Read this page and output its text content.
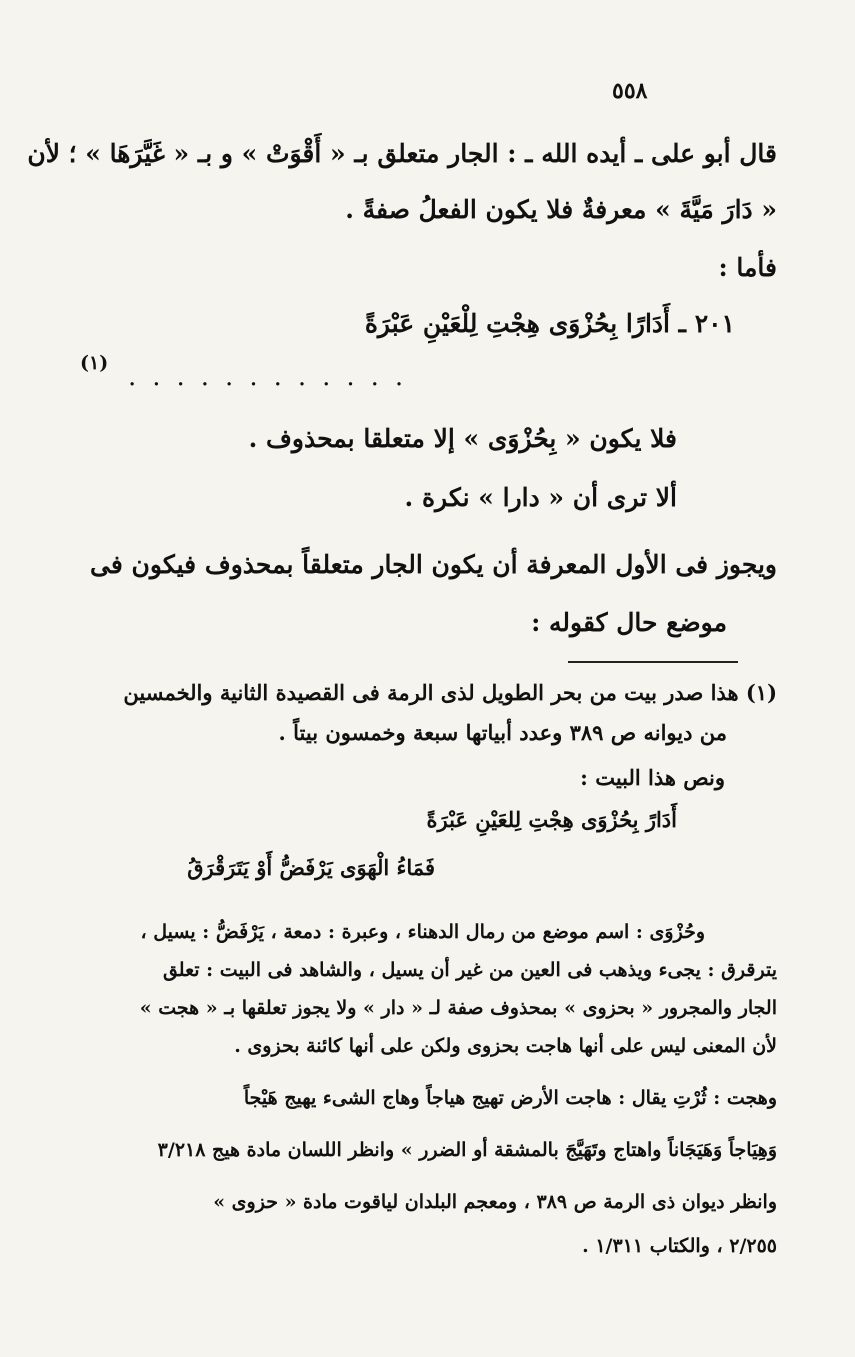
٥٥٨
قال أبو على ـ أيده الله ـ : الجار متعلق بـ « أَقْوَتْ » و بـ « غَيَّرَهَا » ؛ لأن
« دَارَ مَيَّةَ » معرفةٌ فلا يكون الفعلُ صفةً .
فأما :
٢٠١ ـ أَدَارًا بِحُزْوَى هِجْتِ لِلْعَيْنِ عَبْرَةً
............
(١)
فلا يكون « بِحُزْوَى » إلا متعلقا بمحذوف .
ألا ترى أن « دارا » نكرة .
ويجوز فى الأول المعرفة أن يكون الجار متعلقاً بمحذوف فيكون فى
موضع حال كقوله :
(١) هذا صدر بيت من بحر الطويل لذى الرمة فى القصيدة الثانية والخمسين
من ديوانه ص ٣٨٩ وعدد أبياتها سبعة وخمسون بيتاً .
ونص هذا البيت :
أَدَارً بِحُزْوَى هِجْتِ لِلعَيْنِ عَبْرَةً
فَمَاءُ الْهَوَى يَرْفَضُّ أَوْ يَتَرَقْرَقُ
وحُزْوَى : اسم موضع من رمال الدهناء ، وعبرة : دمعة ، يَرْفَضُّ : يسيل ،
يترقرق : يجىء ويذهب فى العين من غير أن يسيل ، والشاهد فى البيت : تعلق
الجار والمجرور « بحزوى » بمحذوف صفة لـ « دار » ولا يجوز تعلقها بـ « هجت »
لأن المعنى ليس على أنها هاجت بحزوى ولكن على أنها كائنة بحزوى .
وهجت : ثُرْتِ يقال : هاجت الأرض تهيج هياجاً وهاج الشىء يهيج هَيْجاً
وَهِيَاجاً وَهَيَجَاناً واهتاج وتَهَيَّجَ بالمشقة أو الضرر » وانظر اللسان مادة هيج ٣/٢١٨
وانظر ديوان ذى الرمة ص ٣٨٩ ، ومعجم البلدان لياقوت مادة « حزوى »
٢/٢٥٥ ، والكتاب ١/٣١١ .
